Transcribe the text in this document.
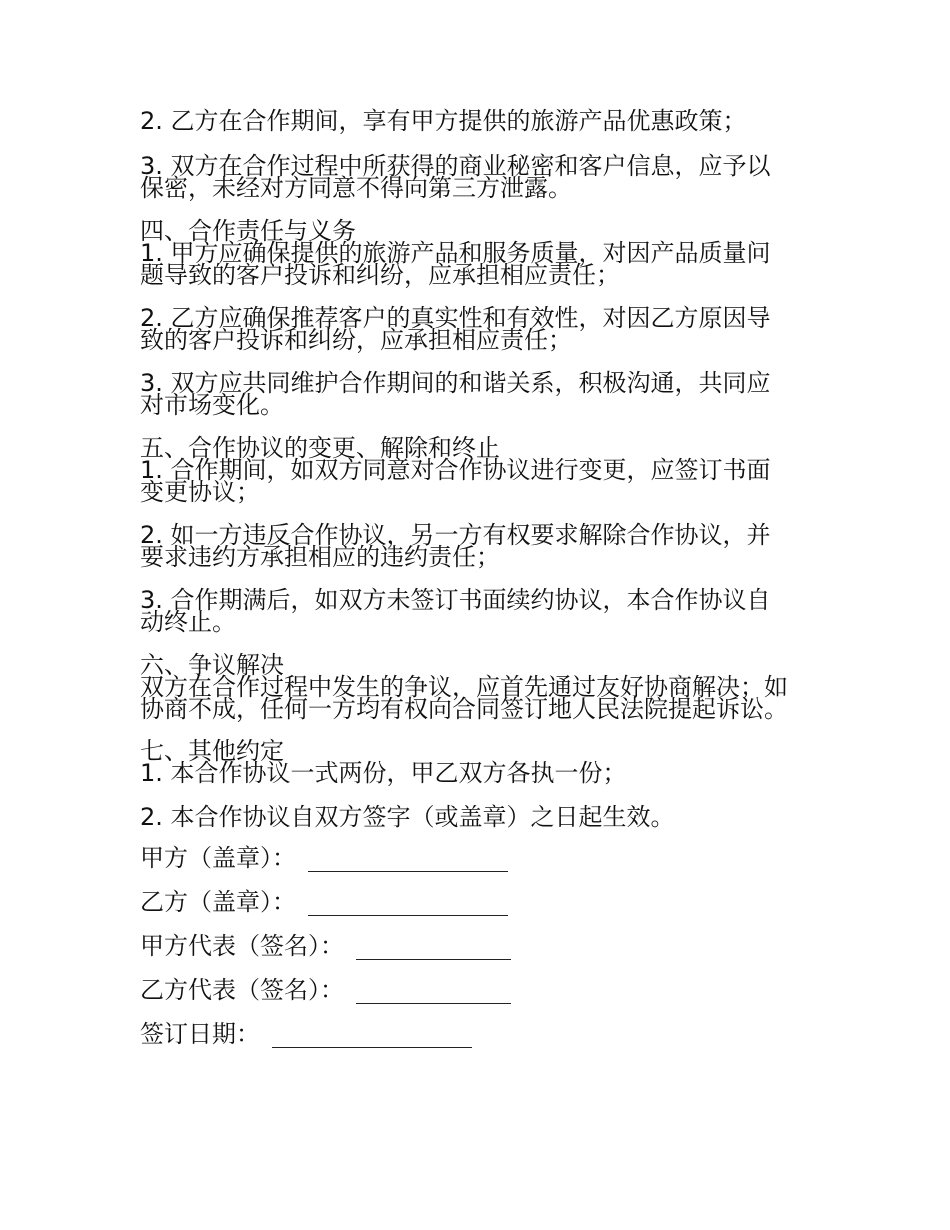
2. 乙方在合作期间，享有甲方提供的旅游产品优惠政策；
3. 双方在合作过程中所获得的商业秘密和客户信息，应予以
保密，未经对方同意不得向第三方泄露。
四、合作责任与义务
1. 甲方应确保提供的旅游产品和服务质量，对因产品质量问
题导致的客户投诉和纠纷，应承担相应责任；
2. 乙方应确保推荐客户的真实性和有效性，对因乙方原因导
致的客户投诉和纠纷，应承担相应责任；
3. 双方应共同维护合作期间的和谐关系，积极沟通，共同应
对市场变化。
五、合作协议的变更、解除和终止
1. 合作期间，如双方同意对合作协议进行变更，应签订书面
变更协议；
2. 如一方违反合作协议，另一方有权要求解除合作协议，并
要求违约方承担相应的违约责任；
3. 合作期满后，如双方未签订书面续约协议，本合作协议自
动终止。
六、争议解决
双方在合作过程中发生的争议，应首先通过友好协商解决；如
协商不成，任何一方均有权向合同签订地人民法院提起诉讼。
七、其他约定
1. 本合作协议一式两份，甲乙双方各执一份；
2. 本合作协议自双方签字（或盖章）之日起生效。
甲方（盖章）：
乙方（盖章）：
甲方代表（签名）：
乙方代表（签名）：
签订日期：
